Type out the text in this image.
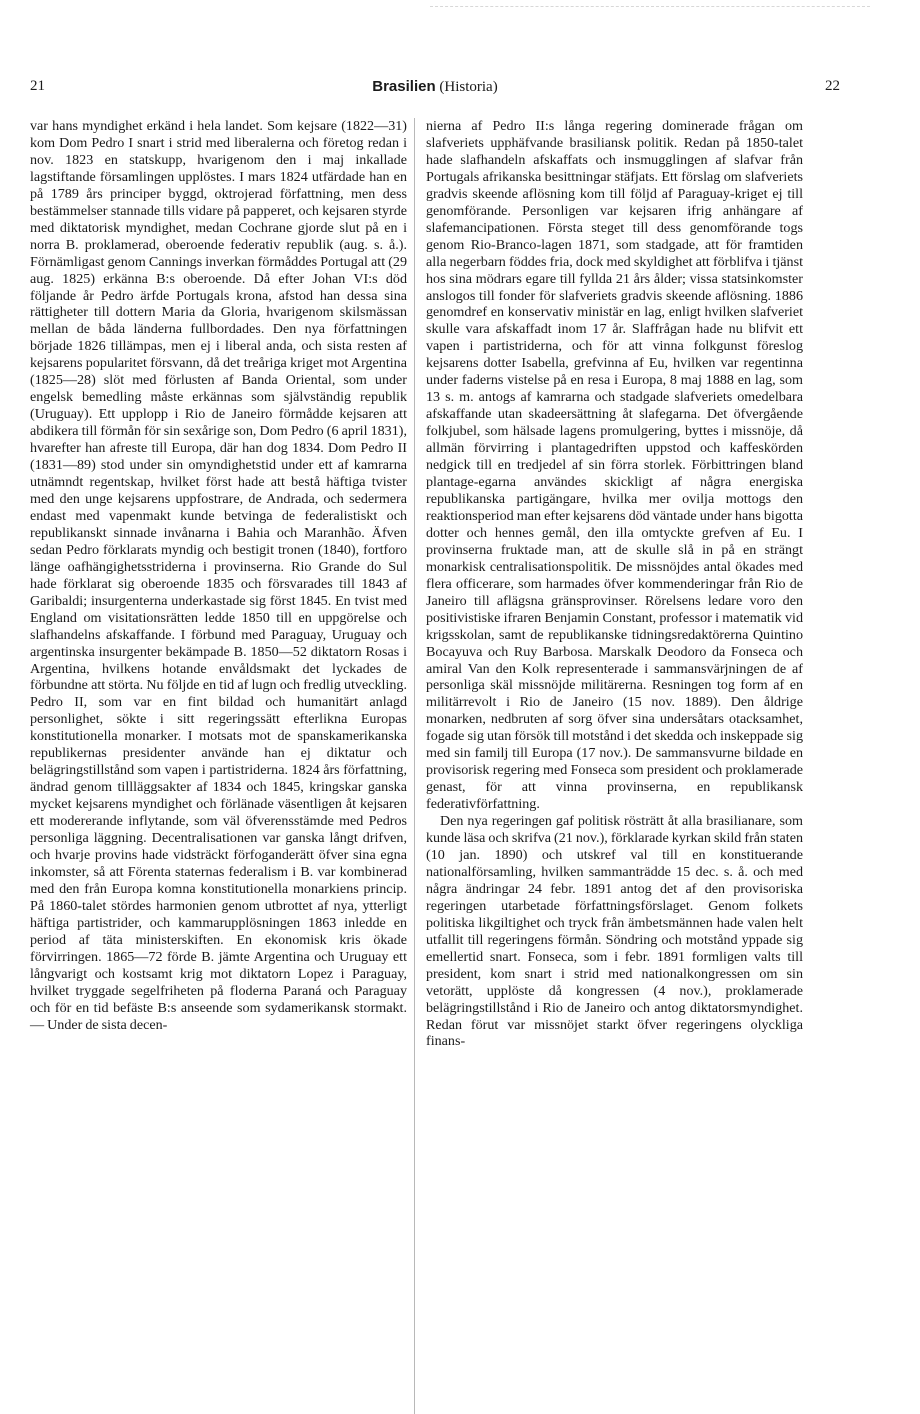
21	Brasilien (Historia)	22

var hans myndighet erkänd i hela landet. Som kejsare (1822—31) kom Dom Pedro I snart i strid med liberalerna och företog redan i nov. 1823 en statskupp, hvarigenom den i maj inkallade lagstiftande församlingen upplöstes. I mars 1824 utfärdade han en på 1789 års principer byggd, oktrojerad författning, men dess bestämmelser stannade tills vidare på papperet, och kejsaren styrde med diktatorisk myndighet, medan Cochrane gjorde slut på en i norra B. proklamerad, oberoende federativ republik (aug. s. å.). Förnämligast genom Cannings inverkan förmåddes Portugal att (29 aug. 1825) erkänna B:s oberoende. Då efter Johan VI:s död följande år Pedro ärfde Portugals krona, afstod han dessa sina rättigheter till dottern Maria da Gloria, hvarigenom skilsmässan mellan de båda länderna fullbordades. Den nya författningen började 1826 tillämpas, men ej i liberal anda, och sista resten af kejsarens popularitet försvann, då det treåriga kriget mot Argentina (1825—28) slöt med förlusten af Banda Oriental, som under engelsk bemedling måste erkännas som självständig republik (Uruguay). Ett upplopp i Rio de Janeiro förmådde kejsaren att abdikera till förmån för sin sexårige son, Dom Pedro (6 april 1831), hvarefter han afreste till Europa, där han dog 1834. Dom Pedro II (1831—89) stod under sin omyndighetstid under ett af kamrarna utnämndt regentskap, hvilket först hade att bestå häftiga tvister med den unge kejsarens uppfostrare, de Andrada, och sedermera endast med vapenmakt kunde betvinga de federalistiskt och republikanskt sinnade invånarna i Bahia och Maranhão. Äfven sedan Pedro förklarats myndig och bestigit tronen (1840), fortforo länge oafhängighetsstriderna i provinserna. Rio Grande do Sul hade förklarat sig oberoende 1835 och försvarades till 1843 af Garibaldi; insurgenterna underkastade sig först 1845. En tvist med England om visitationsrätten ledde 1850 till en uppgörelse och slafhandelns afskaffande. I förbund med Paraguay, Uruguay och argentinska insurgenter bekämpade B. 1850—52 diktatorn Rosas i Argentina, hvilkens hotande envåldsmakt det lyckades de förbundne att störta. Nu följde en tid af lugn och fredlig utveckling. Pedro II, som var en fint bildad och humanitärt anlagd personlighet, sökte i sitt regeringssätt efterlikna Europas konstitutionella monarker. I motsats mot de spanskamerikanska republikernas presidenter använde han ej diktatur och belägringstillstånd som vapen i partistriderna. 1824 års författning, ändrad genom tillläggsakter af 1834 och 1845, kringskar ganska mycket kejsarens myndighet och förlänade väsentligen åt kejsaren ett modererande inflytande, som väl öfverensstämde med Pedros personliga läggning. Decentralisationen var ganska långt drifven, och hvarje provins hade vidsträckt förfoganderätt öfver sina egna inkomster, så att Förenta staternas federalism i B. var kombinerad med den från Europa komna konstitutionella monarkiens princip. På 1860-talet stördes harmonien genom utbrottet af nya, ytterligt häftiga partistrider, och kammarupplösningen 1863 inledde en period af täta ministerskiften. En ekonomisk kris ökade förvirringen. 1865—72 förde B. jämte Argentina och Uruguay ett långvarigt och kostsamt krig mot diktatorn Lopez i Paraguay, hvilket tryggade segelfriheten på floderna Paraná och Paraguay och för en tid befäste B:s anseende som sydamerikansk stormakt. — Under de sista decen-

nierna af Pedro II:s långa regering dominerade frågan om slafveriets upphäfvande brasiliansk politik. Redan på 1850-talet hade slafhandeln afskaffats och insmugglingen af slafvar från Portugals afrikanska besittningar stäfjats. Ett förslag om slafveriets gradvis skeende aflösning kom till följd af Paraguay-kriget ej till genomförande. Personligen var kejsaren ifrig anhängare af slafemancipationen. Första steget till dess genomförande togs genom Rio-Branco-lagen 1871, som stadgade, att för framtiden alla negerbarn föddes fria, dock med skyldighet att förblifva i tjänst hos sina mödrars egare till fyllda 21 års ålder; vissa statsinkomster anslogos till fonder för slafveriets gradvis skeende aflösning. 1886 genomdref en konservativ ministär en lag, enligt hvilken slafveriet skulle vara afskaffadt inom 17 år. Slaffrågan hade nu blifvit ett vapen i partistriderna, och för att vinna folkgunst föreslog kejsarens dotter Isabella, grefvinna af Eu, hvilken var regentinna under faderns vistelse på en resa i Europa, 8 maj 1888 en lag, som 13 s. m. antogs af kamrarna och stadgade slafveriets omedelbara afskaffande utan skadeersättning åt slafegarna. Det öfvergående folkjubel, som hälsade lagens promulgering, byttes i missnöje, då allmän förvirring i plantagedriften uppstod och kaffeskörden nedgick till en tredjedel af sin förra storlek. Förbittringen bland plantage-egarna användes skickligt af några energiska republikanska partigängare, hvilka mer ovilja mottogs den reaktionsperiod man efter kejsarens död väntade under hans bigotta dotter och hennes gemål, den illa omtyckte grefven af Eu. I provinserna fruktade man, att de skulle slå in på en strängt monarkisk centralisationspolitik. De missnöjdes antal ökades med flera officerare, som harmades öfver kommenderingar från Rio de Janeiro till aflägsna gränsprovinser. Rörelsens ledare voro den positivistiske ifraren Benjamin Constant, professor i matematik vid krigsskolan, samt de republikanske tidningsredaktörerna Quintino Bocayuva och Ruy Barbosa. Marskalk Deodoro da Fonseca och amiral Van den Kolk representerade i sammansvärjningen de af personliga skäl missnöjde militärerna. Resningen tog form af en militärrevolt i Rio de Janeiro (15 nov. 1889). Den åldrige monarken, nedbruten af sorg öfver sina undersåtars otacksamhet, fogade sig utan försök till motstånd i det skedda och inskeppade sig med sin familj till Europa (17 nov.). De sammansvurne bildade en provisorisk regering med Fonseca som president och proklamerade genast, för att vinna provinserna, en republikansk federativförfattning.

Den nya regeringen gaf politisk rösträtt åt alla brasilianare, som kunde läsa och skrifva (21 nov.), förklarade kyrkan skild från staten (10 jan. 1890) och utskref val till en konstituerande nationalförsamling, hvilken sammanträdde 15 dec. s. å. och med några ändringar 24 febr. 1891 antog det af den provisoriska regeringen utarbetade författningsförslaget. Genom folkets politiska likgiltighet och tryck från ämbetsmännen hade valen helt utfallit till regeringens förmån. Söndring och motstånd yppade sig emellertid snart. Fonseca, som i febr. 1891 formligen valts till president, kom snart i strid med nationalkongressen om sin vetorätt, upplöste då kongressen (4 nov.), proklamerade belägringstillstånd i Rio de Janeiro och antog diktatorsmyndighet. Redan förut var missnöjet starkt öfver regeringens olyckliga finans-
